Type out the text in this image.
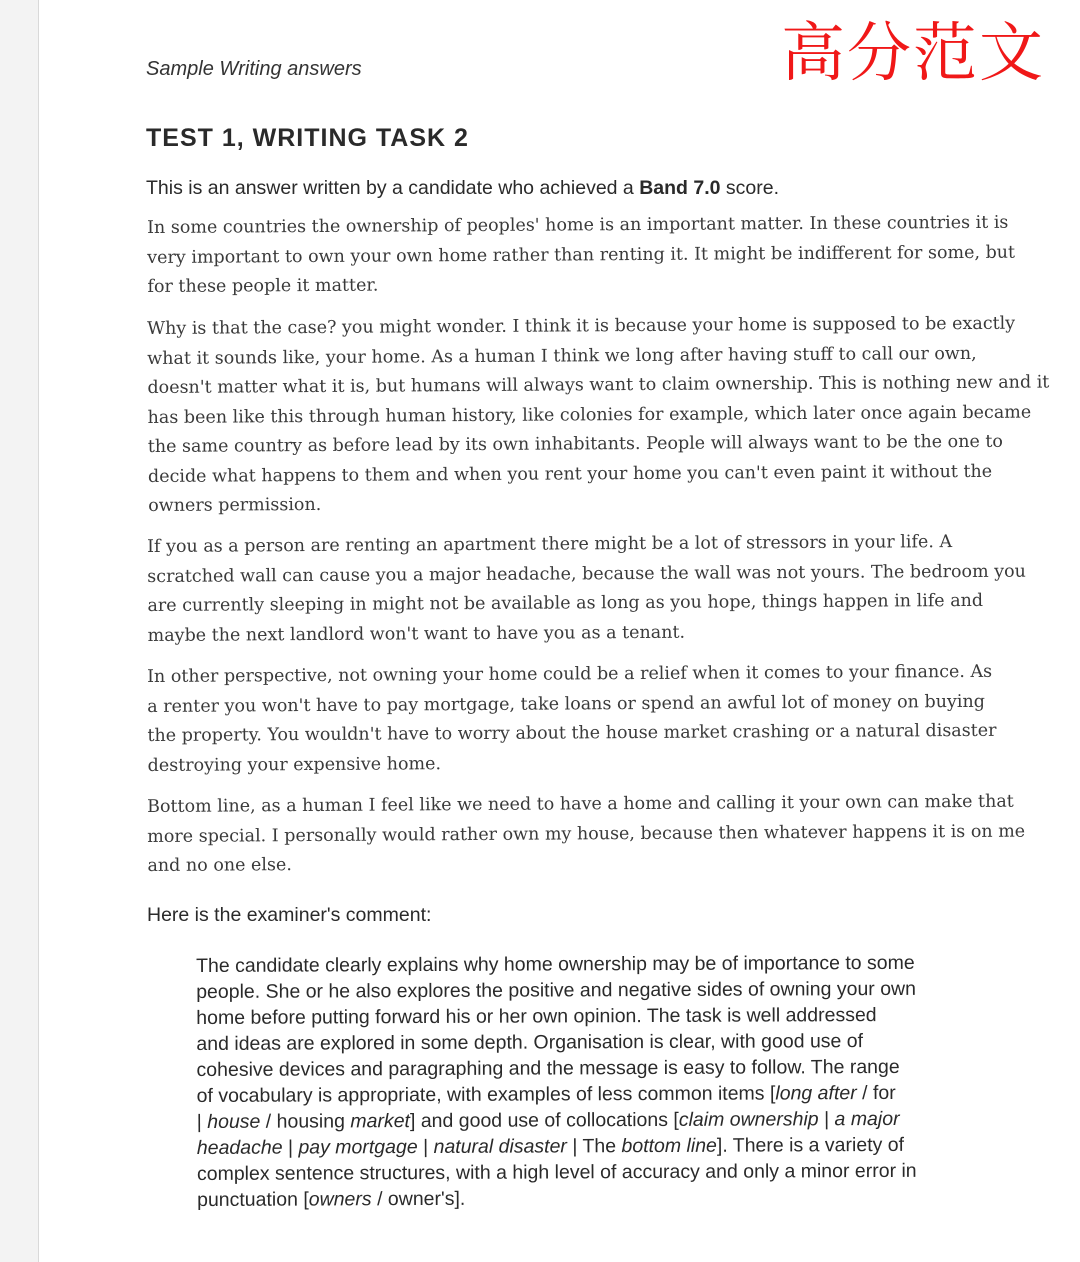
Sample Writing answers	高分范文
TEST 1, WRITING TASK 2
This is an answer written by a candidate who achieved a Band 7.0 score.

In some countries the ownership of peoples' home is an important matter. In these countries it is
very important to own your own home rather than renting it. It might be indifferent for some, but
for these people it matter.

Why is that the case? you might wonder. I think it is because your home is supposed to be exactly
what it sounds like, your home. As a human I think we long after having stuff to call our own,
doesn't matter what it is, but humans will always want to claim ownership. This is nothing new and it
has been like this through human history, like colonies for example, which later once again became
the same country as before lead by its own inhabitants. People will always want to be the one to
decide what happens to them and when you rent your home you can't even paint it without the
owners permission.

If you as a person are renting an apartment there might be a lot of stressors in your life. A
scratched wall can cause you a major headache, because the wall was not yours. The bedroom you
are currently sleeping in might not be available as long as you hope, things happen in life and
maybe the next landlord won't want to have you as a tenant.

In other perspective, not owning your home could be a relief when it comes to your finance. As
a renter you won't have to pay mortgage, take loans or spend an awful lot of money on buying
the property. You wouldn't have to worry about the house market crashing or a natural disaster
destroying your expensive home.

Bottom line, as a human I feel like we need to have a home and calling it your own can make that
more special. I personally would rather own my house, because then whatever happens it is on me
and no one else.

Here is the examiner's comment:
The candidate clearly explains why home ownership may be of importance to some
people. She or he also explores the positive and negative sides of owning your own
home before putting forward his or her own opinion. The task is well addressed
and ideas are explored in some depth. Organisation is clear, with good use of
cohesive devices and paragraphing and the message is easy to follow. The range
of vocabulary is appropriate, with examples of less common items [long after / for
| house / housing market] and good use of collocations [claim ownership | a major
headache | pay mortgage | natural disaster | The bottom line]. There is a variety of
complex sentence structures, with a high level of accuracy and only a minor error in
punctuation [owners / owner's].
